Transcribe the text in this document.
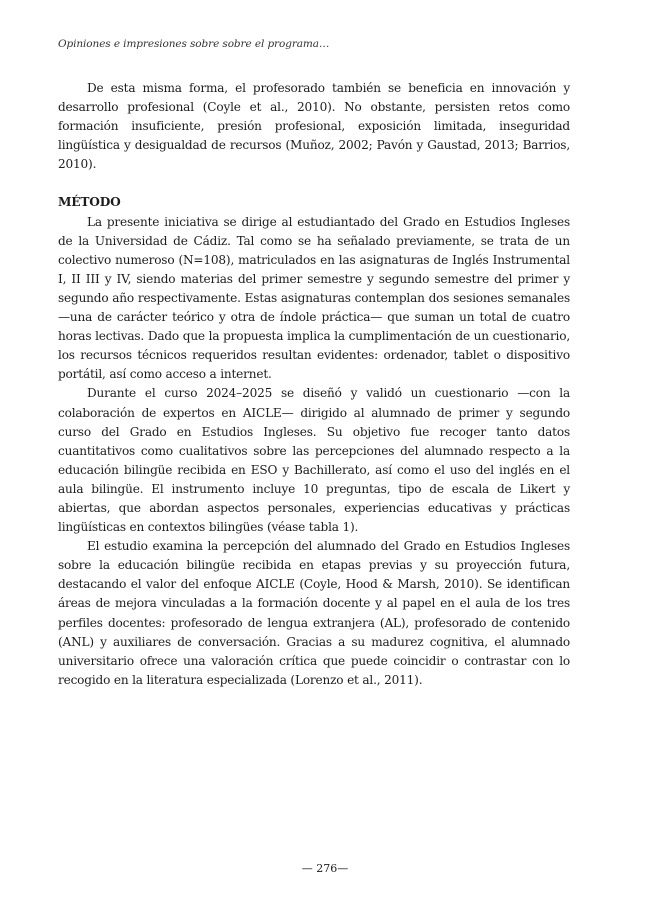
Opiniones e impresiones sobre sobre el programa…

De esta misma forma, el profesorado también se beneficia en innovación y desarrollo profesional (Coyle et al., 2010). No obstante, persisten retos como formación insuficiente, presión profesional, exposición limitada, inseguridad lingüística y desigualdad de recursos (Muñoz, 2002; Pavón y Gaustad, 2013; Barrios, 2010).

MÉTODO

La presente iniciativa se dirige al estudiantado del Grado en Estudios Ingleses de la Universidad de Cádiz. Tal como se ha señalado previamente, se trata de un colectivo numeroso (N=108), matriculados en las asignaturas de Inglés Instrumental I, II III y IV, siendo materias del primer semestre y segundo semestre del primer y segundo año respectivamente. Estas asignaturas contemplan dos sesiones semanales —una de carácter teórico y otra de índole práctica— que suman un total de cuatro horas lectivas. Dado que la propuesta implica la cumplimentación de un cuestionario, los recursos técnicos requeridos resultan evidentes: ordenador, tablet o dispositivo portátil, así como acceso a internet.

Durante el curso 2024–2025 se diseñó y validó un cuestionario —con la colaboración de expertos en AICLE— dirigido al alumnado de primer y segundo curso del Grado en Estudios Ingleses. Su objetivo fue recoger tanto datos cuantitativos como cualitativos sobre las percepciones del alumnado respecto a la educación bilingüe recibida en ESO y Bachillerato, así como el uso del inglés en el aula bilingüe. El instrumento incluye 10 preguntas, tipo de escala de Likert y abiertas, que abordan aspectos personales, experiencias educativas y prácticas lingüísticas en contextos bilingües (véase tabla 1).

El estudio examina la percepción del alumnado del Grado en Estudios Ingleses sobre la educación bilingüe recibida en etapas previas y su proyección futura, destacando el valor del enfoque AICLE (Coyle, Hood & Marsh, 2010). Se identifican áreas de mejora vinculadas a la formación docente y al papel en el aula de los tres perfiles docentes: profesorado de lengua extranjera (AL), profesorado de contenido (ANL) y auxiliares de conversación. Gracias a su madurez cognitiva, el alumnado universitario ofrece una valoración crítica que puede coincidir o contrastar con lo recogido en la literatura especializada (Lorenzo et al., 2011).

— 276—
